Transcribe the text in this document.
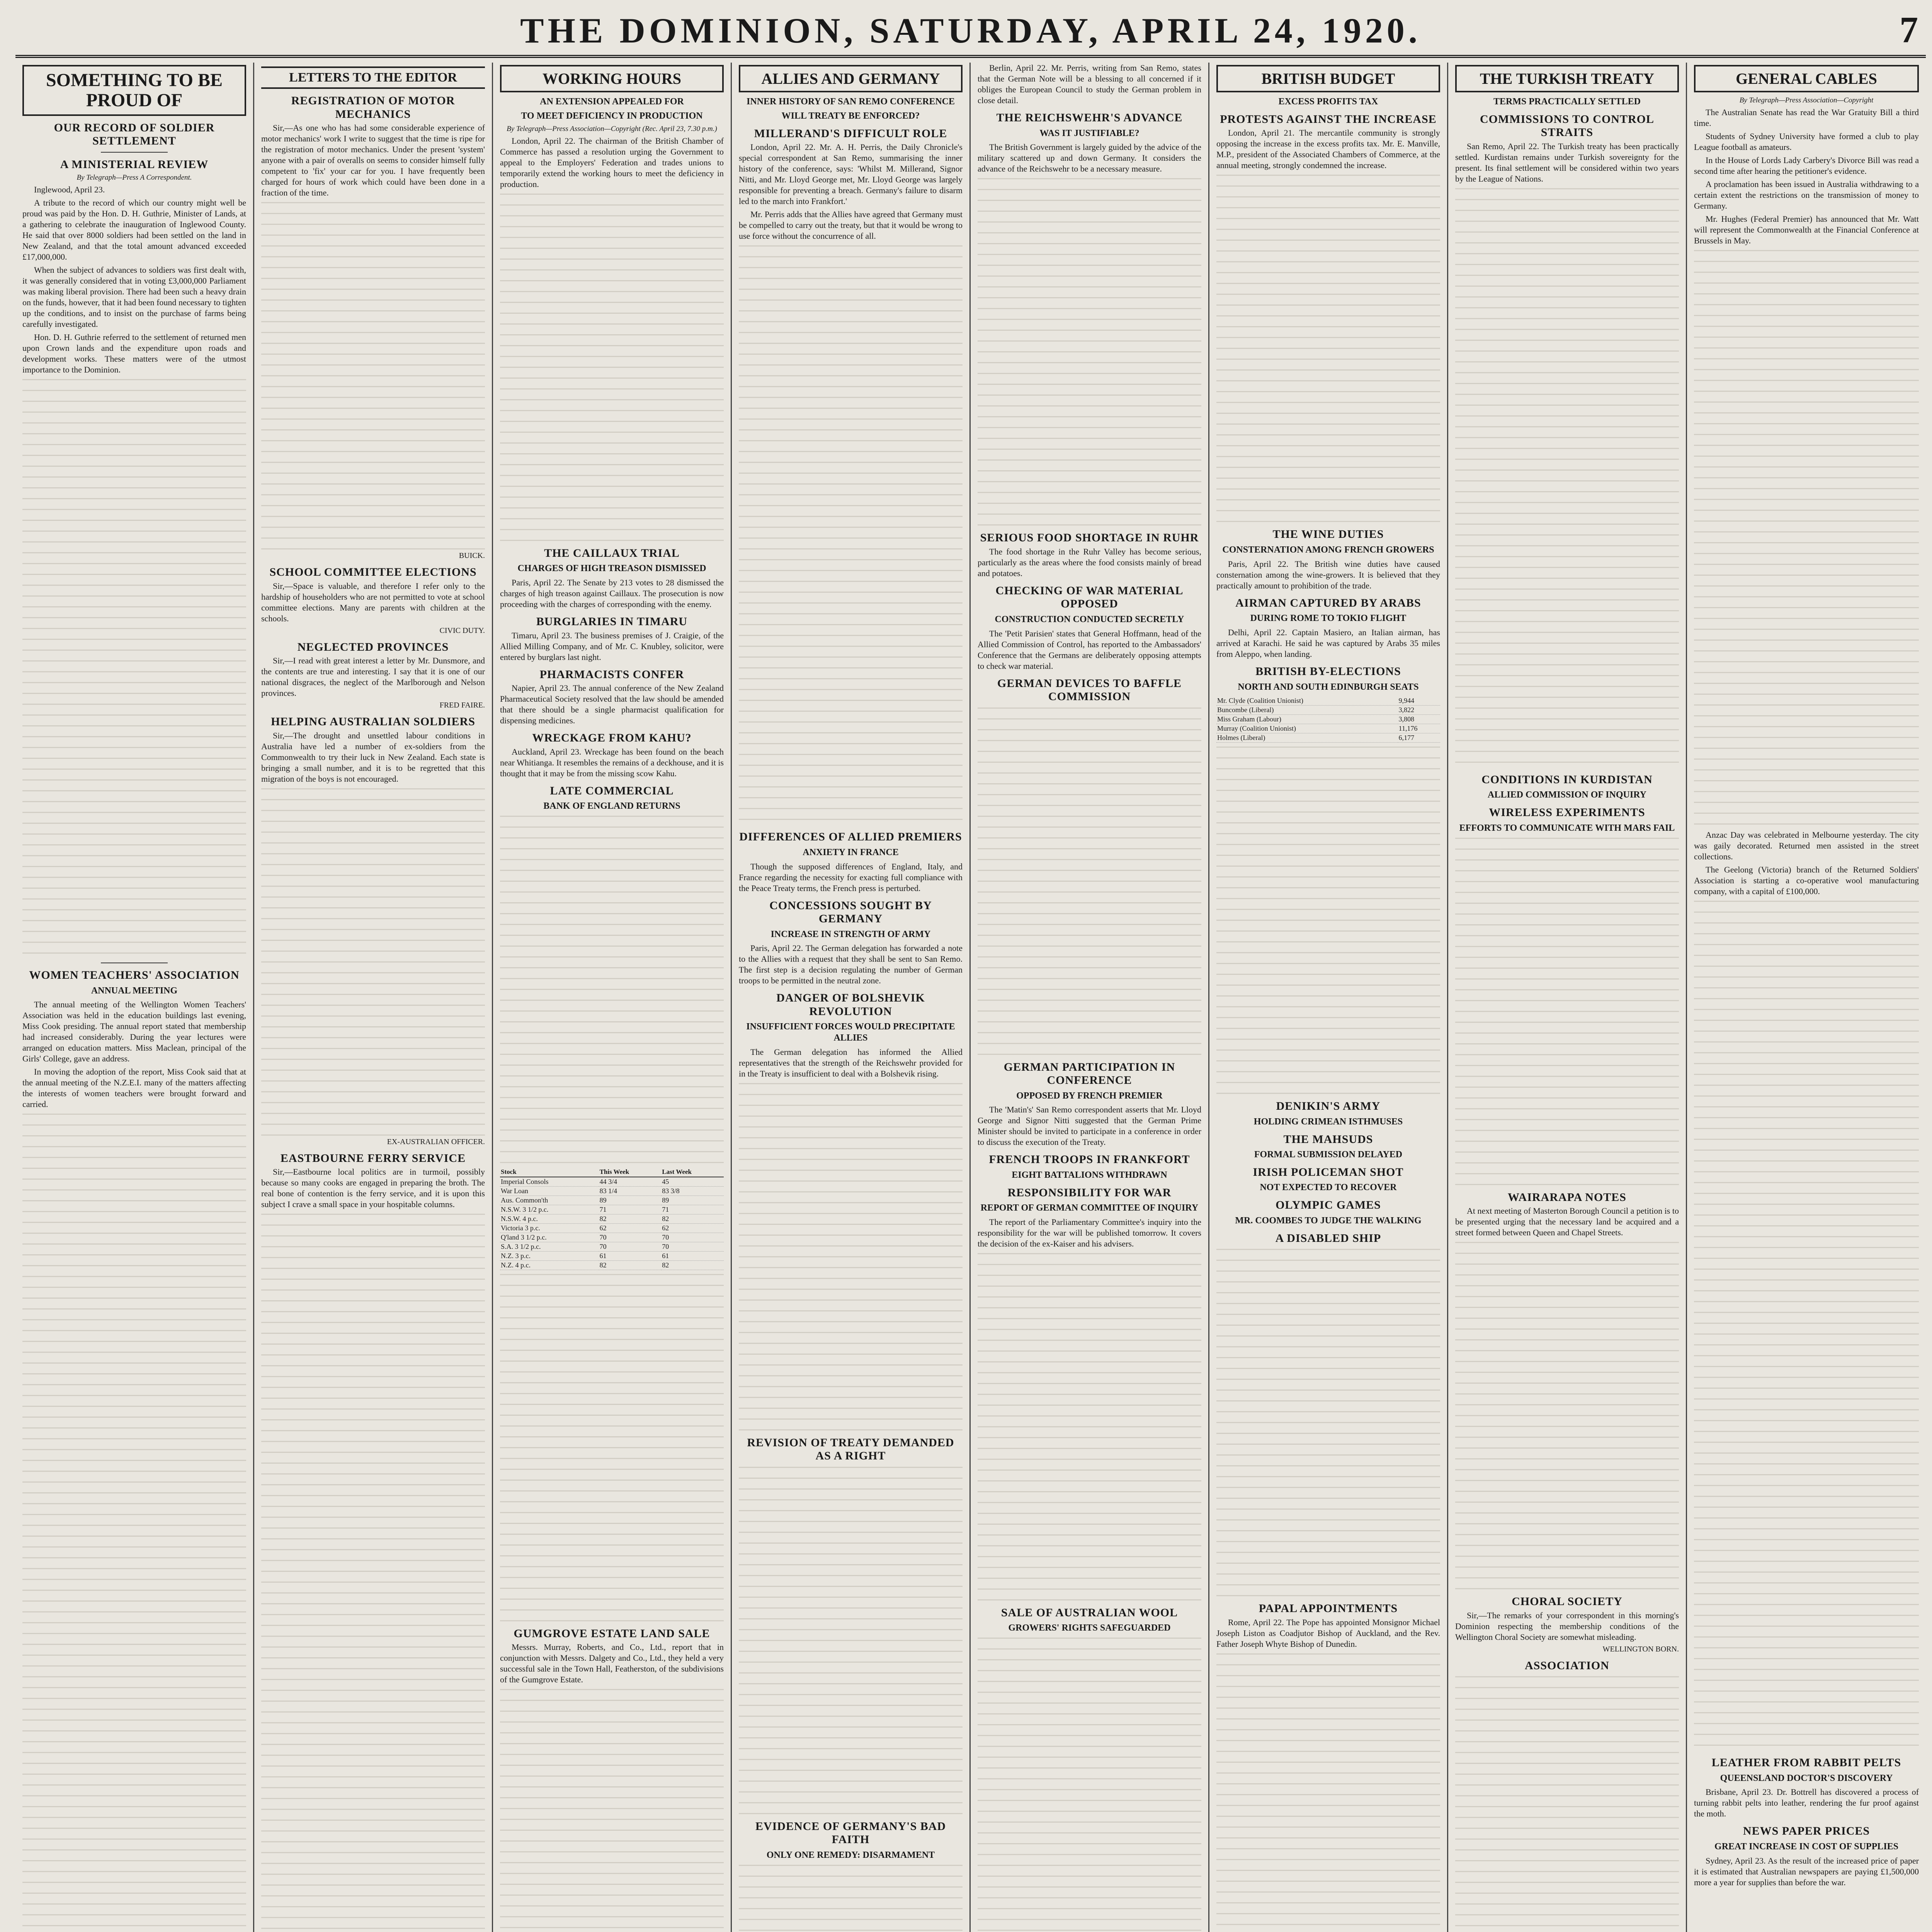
THE DOMINION, SATURDAY, APRIL 24, 1920.	7
SOMETHING TO BE PROUD OF
OUR RECORD OF SOLDIER SETTLEMENT
A MINISTERIAL REVIEW
By Telegraph—Press A Correspondent.

Inglewood, April 23.

A tribute to the record of which our country might well be proud was paid by the Hon. D. H. Guthrie, Minister of Lands, at a gathering to celebrate the inauguration of Inglewood County. He said that over 8000 soldiers had been settled on the land in New Zealand, and that the total amount advanced exceeded £17,000,000.

When the subject of advances to soldiers was first dealt with, it was generally considered that in voting £3,000,000 Parliament was making liberal provision. There had been such a heavy drain on the funds, however, that it had been found necessary to tighten up the conditions, and to insist on the purchase of farms being carefully investigated.

Hon. D. H. Guthrie referred to the settlement of returned men upon Crown lands and the expenditure upon roads and development works. These matters were of the utmost importance to the Dominion.

WOMEN TEACHERS' ASSOCIATION
ANNUAL MEETING

The annual meeting of the Wellington Women Teachers' Association was held in the education buildings last evening, Miss Cook presiding. The annual report stated that membership had increased considerably. During the year lectures were arranged on education matters. Miss Maclean, principal of the Girls' College, gave an address.

In moving the adoption of the report, Miss Cook said that at the annual meeting of the N.Z.E.I. many of the matters affecting the interests of women teachers were brought forward and carried.

LETTERS TO THE EDITOR
REGISTRATION OF MOTOR MECHANICS

Sir,—As one who has had some considerable experience of motor mechanics' work I write to suggest that the time is ripe for the registration of motor mechanics. Under the present 'system' anyone with a pair of overalls on seems to consider himself fully competent to 'fix' your car for you. I have frequently been charged for hours of work which could have been done in a fraction of the time.

BUICK.
SCHOOL COMMITTEE ELECTIONS

Sir,—Space is valuable, and therefore I refer only to the hardship of householders who are not permitted to vote at school committee elections. Many are parents with children at the schools.

CIVIC DUTY.
NEGLECTED PROVINCES

Sir,—I read with great interest a letter by Mr. Dunsmore, and the contents are true and interesting. I say that it is one of our national disgraces, the neglect of the Marlborough and Nelson provinces.

FRED FAIRE.
HELPING AUSTRALIAN SOLDIERS

Sir,—The drought and unsettled labour conditions in Australia have led a number of ex-soldiers from the Commonwealth to try their luck in New Zealand. Each state is bringing a small number, and it is to be regretted that this migration of the boys is not encouraged.

EX-AUSTRALIAN OFFICER.
EASTBOURNE FERRY SERVICE

Sir,—Eastbourne local politics are in turmoil, possibly because so many cooks are engaged in preparing the broth. The real bone of contention is the ferry service, and it is upon this subject I crave a small space in your hospitable columns.

WORKING HOURS
AN EXTENSION APPEALED FOR
TO MEET DEFICIENCY IN PRODUCTION
By Telegraph—Press Association—Copyright (Rec. April 23, 7.30 p.m.)

London, April 22. The chairman of the British Chamber of Commerce has passed a resolution urging the Government to appeal to the Employers' Federation and trades unions to temporarily extend the working hours to meet the deficiency in production.

THE CAILLAUX TRIAL
CHARGES OF HIGH TREASON DISMISSED

Paris, April 22. The Senate by 213 votes to 28 dismissed the charges of high treason against Caillaux. The prosecution is now proceeding with the charges of corresponding with the enemy.

BURGLARIES IN TIMARU

Timaru, April 23. The business premises of J. Craigie, of the Allied Milling Company, and of Mr. C. Knubley, solicitor, were entered by burglars last night.

PHARMACISTS CONFER

Napier, April 23. The annual conference of the New Zealand Pharmaceutical Society resolved that the law should be amended that there should be a single pharmacist qualification for dispensing medicines.

WRECKAGE FROM KAHU?

Auckland, April 23. Wreckage has been found on the beach near Whitianga. It resembles the remains of a deckhouse, and it is thought that it may be from the missing scow Kahu.

LATE COMMERCIAL
BANK OF ENGLAND RETURNS
Stock	This Week	Last Week
Imperial Consols	44 3/4	45
War Loan	83 1/4	83 3/8
Aus. Common'th	89	89
N.S.W. 3 1/2 p.c.	71	71
N.S.W. 4 p.c.	82	82
Victoria 3 p.c.	62	62
Q'land 3 1/2 p.c.	70	70
S.A. 3 1/2 p.c.	70	70
N.Z. 3 p.c.	61	61
N.Z. 4 p.c.	82	82
GUMGROVE ESTATE LAND SALE

Messrs. Murray, Roberts, and Co., Ltd., report that in conjunction with Messrs. Dalgety and Co., Ltd., they held a very successful sale in the Town Hall, Featherston, of the subdivisions of the Gumgrove Estate.

ALLIES AND GERMANY
INNER HISTORY OF SAN REMO CONFERENCE
WILL TREATY BE ENFORCED?
MILLERAND'S DIFFICULT ROLE

London, April 22. Mr. A. H. Perris, the Daily Chronicle's special correspondent at San Remo, summarising the inner history of the conference, says: 'Whilst M. Millerand, Signor Nitti, and Mr. Lloyd George met, Mr. Lloyd George was largely responsible for preventing a breach. Germany's failure to disarm led to the march into Frankfort.'

Mr. Perris adds that the Allies have agreed that Germany must be compelled to carry out the treaty, but that it would be wrong to use force without the concurrence of all.

DIFFERENCES OF ALLIED PREMIERS
ANXIETY IN FRANCE

Though the supposed differences of England, Italy, and France regarding the necessity for exacting full compliance with the Peace Treaty terms, the French press is perturbed.

CONCESSIONS SOUGHT BY GERMANY
INCREASE IN STRENGTH OF ARMY

Paris, April 22. The German delegation has forwarded a note to the Allies with a request that they shall be sent to San Remo. The first step is a decision regulating the number of German troops to be permitted in the neutral zone.

DANGER OF BOLSHEVIK REVOLUTION
INSUFFICIENT FORCES WOULD PRECIPITATE ALLIES

The German delegation has informed the Allied representatives that the strength of the Reichswehr provided for in the Treaty is insufficient to deal with a Bolshevik rising.

REVISION OF TREATY DEMANDED AS A RIGHT
EVIDENCE OF GERMANY'S BAD FAITH
ONLY ONE REMEDY: DISARMAMENT

Berlin, April 22. Mr. Perris, writing from San Remo, states that the German Note will be a blessing to all concerned if it obliges the European Council to study the German problem in close detail.

THE REICHSWEHR'S ADVANCE
WAS IT JUSTIFIABLE?

The British Government is largely guided by the advice of the military scattered up and down Germany. It considers the advance of the Reichswehr to be a necessary measure.

SERIOUS FOOD SHORTAGE IN RUHR

The food shortage in the Ruhr Valley has become serious, particularly as the areas where the food consists mainly of bread and potatoes.

CHECKING OF WAR MATERIAL OPPOSED
CONSTRUCTION CONDUCTED SECRETLY

The 'Petit Parisien' states that General Hoffmann, head of the Allied Commission of Control, has reported to the Ambassadors' Conference that the Germans are deliberately opposing attempts to check war material.

GERMAN DEVICES TO BAFFLE COMMISSION
GERMAN PARTICIPATION IN CONFERENCE
OPPOSED BY FRENCH PREMIER

The 'Matin's' San Remo correspondent asserts that Mr. Lloyd George and Signor Nitti suggested that the German Prime Minister should be invited to participate in a conference in order to discuss the execution of the Treaty.

FRENCH TROOPS IN FRANKFORT
EIGHT BATTALIONS WITHDRAWN
RESPONSIBILITY FOR WAR
REPORT OF GERMAN COMMITTEE OF INQUIRY

The report of the Parliamentary Committee's inquiry into the responsibility for the war will be published tomorrow. It covers the decision of the ex-Kaiser and his advisers.

SALE OF AUSTRALIAN WOOL
GROWERS' RIGHTS SAFEGUARDED

BRITISH BUDGET
EXCESS PROFITS TAX
PROTESTS AGAINST THE INCREASE

London, April 21. The mercantile community is strongly opposing the increase in the excess profits tax. Mr. E. Manville, M.P., president of the Associated Chambers of Commerce, at the annual meeting, strongly condemned the increase.

THE WINE DUTIES
CONSTERNATION AMONG FRENCH GROWERS

Paris, April 22. The British wine duties have caused consternation among the wine-growers. It is believed that they practically amount to prohibition of the trade.

AIRMAN CAPTURED BY ARABS
DURING ROME TO TOKIO FLIGHT

Delhi, April 22. Captain Masiero, an Italian airman, has arrived at Karachi. He said he was captured by Arabs 35 miles from Aleppo, when landing.

BRITISH BY-ELECTIONS
NORTH AND SOUTH EDINBURGH SEATS
Mr. Clyde (Coalition Unionist)	9,944
Buncombe (Liberal)	3,822
Miss Graham (Labour)	3,808
Murray (Coalition Unionist)	11,176
Holmes (Liberal)	6,177
DENIKIN'S ARMY
HOLDING CRIMEAN ISTHMUSES
THE MAHSUDS
FORMAL SUBMISSION DELAYED
IRISH POLICEMAN SHOT
NOT EXPECTED TO RECOVER
OLYMPIC GAMES
MR. COOMBES TO JUDGE THE WALKING
A DISABLED SHIP
PAPAL APPOINTMENTS

Rome, April 22. The Pope has appointed Monsignor Michael Joseph Liston as Coadjutor Bishop of Auckland, and the Rev. Father Joseph Whyte Bishop of Dunedin.

THE TURKISH TREATY
TERMS PRACTICALLY SETTLED
COMMISSIONS TO CONTROL STRAITS

San Remo, April 22. The Turkish treaty has been practically settled. Kurdistan remains under Turkish sovereignty for the present. Its final settlement will be considered within two years by the League of Nations.

CONDITIONS IN KURDISTAN
ALLIED COMMISSION OF INQUIRY
WIRELESS EXPERIMENTS
EFFORTS TO COMMUNICATE WITH MARS FAIL
WAIRARAPA NOTES

At next meeting of Masterton Borough Council a petition is to be presented urging that the necessary land be acquired and a street formed between Queen and Chapel Streets.

CHORAL SOCIETY

Sir,—The remarks of your correspondent in this morning's Dominion respecting the membership conditions of the Wellington Choral Society are somewhat misleading.

WELLINGTON BORN.
ASSOCIATION

GENERAL CABLES
By Telegraph—Press Association—Copyright

The Australian Senate has read the War Gratuity Bill a third time.

Students of Sydney University have formed a club to play League football as amateurs.

In the House of Lords Lady Carbery's Divorce Bill was read a second time after hearing the petitioner's evidence.

A proclamation has been issued in Australia withdrawing to a certain extent the restrictions on the transmission of money to Germany.

Mr. Hughes (Federal Premier) has announced that Mr. Watt will represent the Commonwealth at the Financial Conference at Brussels in May.

Anzac Day was celebrated in Melbourne yesterday. The city was gaily decorated. Returned men assisted in the street collections.

The Geelong (Victoria) branch of the Returned Soldiers' Association is starting a co-operative wool manufacturing company, with a capital of £100,000.

LEATHER FROM RABBIT PELTS
QUEENSLAND DOCTOR'S DISCOVERY

Brisbane, April 23. Dr. Bottrell has discovered a process of turning rabbit pelts into leather, rendering the fur proof against the moth.

NEWS PAPER PRICES
GREAT INCREASE IN COST OF SUPPLIES

Sydney, April 23. As the result of the increased price of paper it is estimated that Australian newspapers are paying £1,500,000 more a year for supplies than before the war.
